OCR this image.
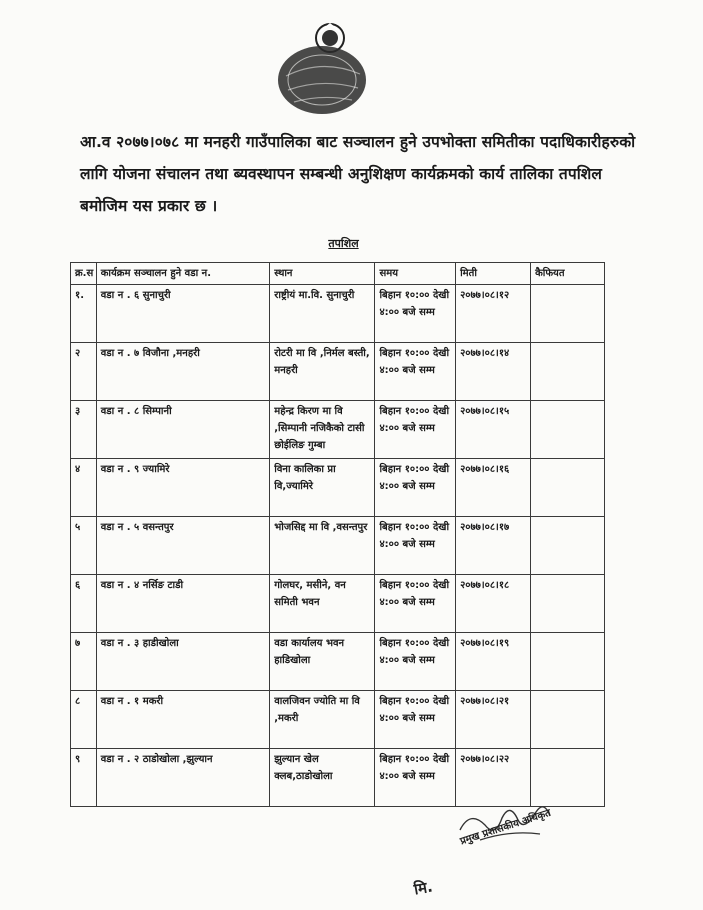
आ.व २०७७।०७८ मा मनहरी गाउँपालिका बाट सञ्चालन हुने उपभोक्ता समितीका पदाधिकारीहरुको लागि योजना संचालन तथा ब्यवस्थापन सम्बन्धी अनुशिक्षण कार्यक्रमको कार्य तालिका तपशिल बमोजिम यस प्रकार छ ।
तपशिल
क्र.स	कार्यक्रम सञ्चालन हुने वडा न.	स्थान	समय	मिती	कैफियत
१.	वडा न . ६ सुनाचुरी	राष्ट्रीयं मा.वि. सुनाचुरी	बिहान १०:०० देखी ४:०० बजे सम्म	२०७७।०८।१२	
२	वडा न . ७ विजौना ,मनहरी	रोटरी मा वि ,निर्मल बस्ती, मनहरी	बिहान १०:०० देखी ४:०० बजे सम्म	२०७७।०८।१४	
३	वडा न . ८ सिम्पानी	महेन्द्र किरण मा वि ,सिम्पानी नजिकैको टासी छोईलिङ गुम्बा	बिहान १०:०० देखी ४:०० बजे सम्म	२०७७।०८।१५	
४	वडा न . ९ ज्यामिरे	विना कालिका प्रा वि,ज्यामिरे	बिहान १०:०० देखी ४:०० बजे सम्म	२०७७।०८।१६	
५	वडा न . ५ वसन्तपुर	भोजसिद्द मा वि ,वसन्तपुर	बिहान १०:०० देखी ४:०० बजे सम्म	२०७७।०८।१७	
६	वडा न . ४ नर्सिङ टाडी	गोलघर, मसीने, वन समिती भवन	बिहान १०:०० देखी ४:०० बजे सम्म	२०७७।०८।१८	
७	वडा न . ३ हाडीखोला	वडा कार्यालय भवन हाडिखोला	बिहान १०:०० देखी ४:०० बजे सम्म	२०७७।०८।१९	
८	वडा न . १ मकरी	वालजिवन ज्योति मा वि ,मकरी	बिहान १०:०० देखी ४:०० बजे सम्म	२०७७।०८।२१	
९	वडा न . २ ठाडोखोला ,झुल्यान	झुल्यान खेल क्लब,ठाडोखोला	बिहान १०:०० देखी ४:०० बजे सम्म	२०७७।०८।२२	
प्रमुख प्रशासकीय अधिकृत
मि.
